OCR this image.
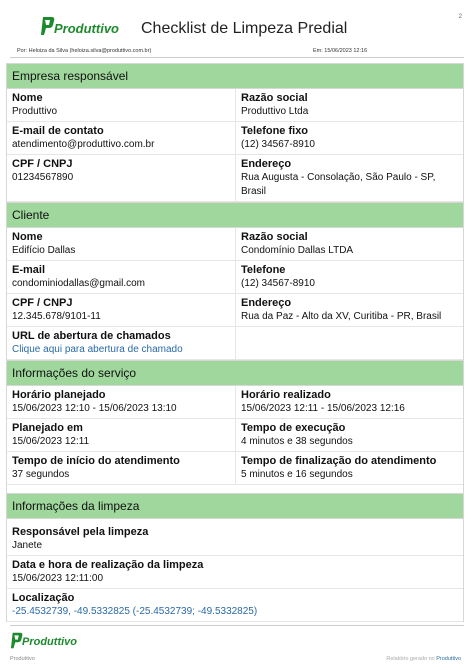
2
Produttivo Checklist de Limpeza Predial
Por: Heloiza da Silva (heloiza.silva@produttivo.com.br)	Em: 15/06/2023 12:16
Empresa responsável
Nome
Produttivo
Razão social
Produttivo Ltda
E-mail de contato
atendimento@produttivo.com.br
Telefone fixo
(12) 34567-8910
CPF / CNPJ
01234567890
Endereço
Rua Augusta - Consolação, São Paulo - SP, Brasil
Cliente
Nome
Edifício Dallas
Razão social
Condomínio Dallas LTDA
E-mail
condominiodallas@gmail.com
Telefone
(12) 34567-8910
CPF / CNPJ
12.345.678/9101-11
Endereço
Rua da Paz - Alto da XV, Curitiba - PR, Brasil
URL de abertura de chamados
Clique aqui para abertura de chamado
Informações do serviço
Horário planejado
15/06/2023 12:10 - 15/06/2023 13:10
Horário realizado
15/06/2023 12:11 - 15/06/2023 12:16
Planejado em
15/06/2023 12:11
Tempo de execução
4 minutos e 38 segundos
Tempo de início do atendimento
37 segundos
Tempo de finalização do atendimento
5 minutos e 16 segundos
Informações da limpeza
Responsável pela limpeza
Janete
Data e hora de realização da limpeza
15/06/2023 12:11:00
Localização
-25.4532739, -49.5332825 (-25.4532739; -49.5332825)
Produttivo
Produttivo	Relatório gerado no Produttivo
